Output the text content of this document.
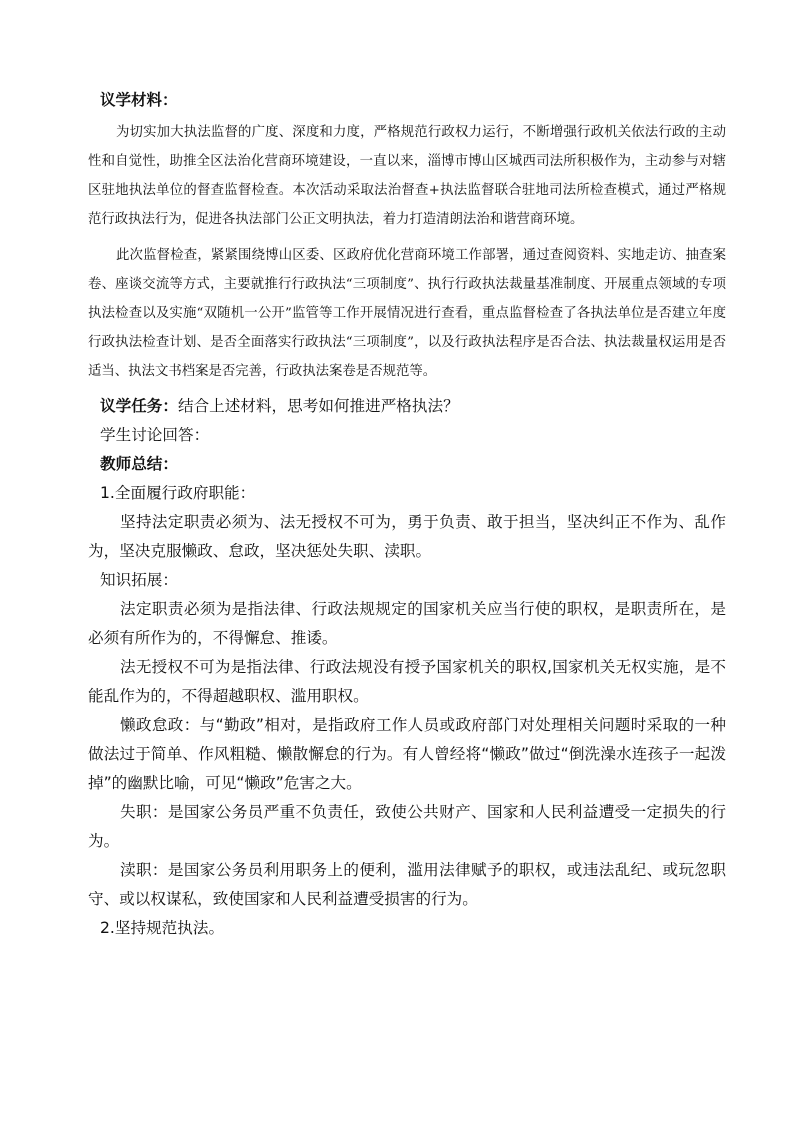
议学材料：

为切实加大执法监督的广度、深度和力度，严格规范行政权力运行，不断增强行政机关依法行政的主动性和自觉性，助推全区法治化营商环境建设，一直以来，淄博市博山区城西司法所积极作为，主动参与对辖区驻地执法单位的督查监督检查。本次活动采取法治督查+执法监督联合驻地司法所检查模式，通过严格规范行政执法行为，促进各执法部门公正文明执法，着力打造清朗法治和谐营商环境。

此次监督检查，紧紧围绕博山区委、区政府优化营商环境工作部署，通过查阅资料、实地走访、抽查案卷、座谈交流等方式，主要就推行行政执法“三项制度”、执行行政执法裁量基准制度、开展重点领域的专项执法检查以及实施“双随机一公开”监管等工作开展情况进行查看，重点监督检查了各执法单位是否建立年度行政执法检查计划、是否全面落实行政执法“三项制度”，以及行政执法程序是否合法、执法裁量权运用是否适当、执法文书档案是否完善，行政执法案卷是否规范等。

议学任务：结合上述材料，思考如何推进严格执法？
学生讨论回答：
教师总结：
1.全面履行政府职能：

坚持法定职责必须为、法无授权不可为，勇于负责、敢于担当，坚决纠正不作为、乱作为，坚决克服懒政、怠政，坚决惩处失职、渎职。

知识拓展：

法定职责必须为是指法律、行政法规规定的国家机关应当行使的职权，是职责所在，是必须有所作为的，不得懈怠、推诿。

法无授权不可为是指法律、行政法规没有授予国家机关的职权,国家机关无权实施，是不能乱作为的，不得超越职权、滥用职权。

懒政怠政：与“勤政”相对，是指政府工作人员或政府部门对处理相关问题时采取的一种做法过于简单、作风粗糙、懒散懈怠的行为。有人曾经将“懒政”做过“倒洗澡水连孩子一起泼掉”的幽默比喻，可见“懒政”危害之大。

失职：是国家公务员严重不负责任，致使公共财产、国家和人民利益遭受一定损失的行为。

渎职：是国家公务员利用职务上的便利，滥用法律赋予的职权，或违法乱纪、或玩忽职守、或以权谋私，致使国家和人民利益遭受损害的行为。

2.坚持规范执法。
